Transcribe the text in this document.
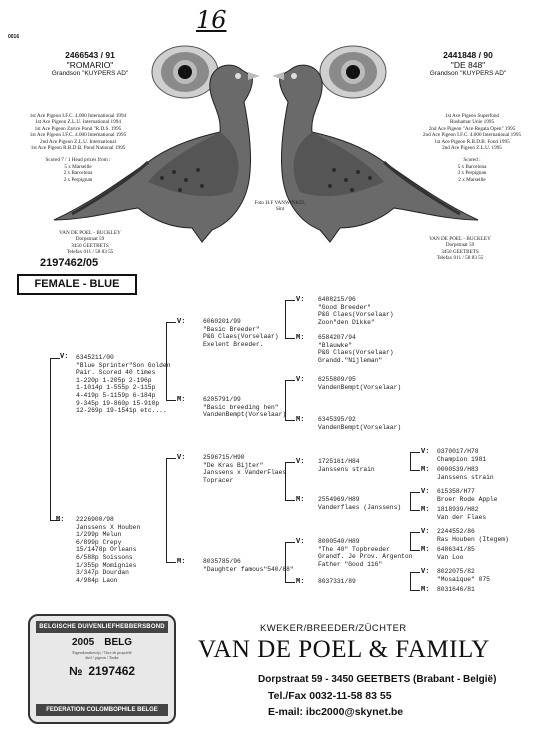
16
0016
2466543 / 91
"ROMARIO"
Grandson "KUYPERS AD"
2441848 / 90
"DE 848"
Grandson "KUYPERS AD"
1st Ace Pigeon I.F.C. 4.000 International 1994
1st Ace Pigeon Z.L.U. International 1994
1st Ace Pigeon Zarice Pond "R.D.S. 1995
1st Ace Pigeon I.F.C. 4.000 International 1995
2nd Ace Pigeon Z.L.U. International
1st Ace Pigeon R.B.D.B. Pond National 1995
Scored 7 / 1 Head prices from :
5 x Marseille
2 x Barcelona
2 x Perpignan
1st Ace Pigeon Superfond
Rushamar Unie 1995
2nd Ace Pigeon "Ace Regata Open" 1995
2nd Ace Pigeon I.F.C. 4.000 International 1995
1st Ace Pigeon R.B.D.B. Fond 1995
2nd Ace Pigeon Z.L.U. 1995
Scored :
5 x Barcelona
3 x Perpignan
2 x Marseille
Foto H.F VANWINKEL
Sint
VAN DE POEL - BUCKLEY
Dorpstraat 59
3450 GEETBETS
Telefax 011 / 58 83 55
VAN DE POEL - BUCKLEY
Dorpstraat 59
3450 GEETBETS
Telefax 011 / 58 83 55
2197462/05
FEMALE - BLUE
V:
M:
V:
M:
V:
M:
V:
M:
V:
M:
V:
M:
V:
M:
V:
M:
V:
M:
V:
M:
V:
M:
6345211/00
"Blue Sprinter"Son Golden
Pair. Scored 40 times
1-220p 1-205p 2-196p
1-1014p 1-555p 2-115p
4-419p 5-1159p 6-184p
9-345p 19-860p 15-910p
12-269p 19-1541p etc....
2226900/98
Janssens X Houben
1/299p Melun
6/899p Crepy
15/1478p Orleans
6/588p Soissons
1/355p Momignies
3/347p Dourdan
4/984p Laon
6060201/99
"Basic Breeder"
P&G Claes(Vorselaar)
Exelent Breeder.
6205791/99
"Basic breeding hen"
VandenBempt(Vorselaar)
2596715/H90
"De Kras Bijter"
Janssens x VanderFlaes
Topracer
8035785/96
"Daughter famous"540/88"
6488215/96
"Good Breeder"
P&G Claes(Vorselaar)
Zoon"den Dikke"
6584207/94
"Blauwke"
P&G Claes(Vorselaar)
Grandd."Nijleman"
6255809/95
VandenBempt(Vorselaar)
6345395/92
VandenBempt(Vorselaar)
1725161/H84
Janssens strain
2554969/H89
Vanderflaes (Janssens)
8000540/H89
"The 40" Topbreeder
Grandf. Je Prov. Argenton
Father "Good 116"
8037331/89
0370017/H78
Champion 1981
0000539/H83
Janssens strain
615358/H77
Broer Rode Apple
1818939/H82
Van der Flaes
2244552/86
Ras Houben (Itegem)
6486341/85
Van Loo
8022075/82
"Mosaique" 075
8031646/81
BELGISCHE DUIVENLIEFHEBBERSBOND
2005 BELG
Eigendomsbewijs / Titre de propriété
duif / pigeon / Taube
№ 2197462
FEDERATION COLOMBOPHILE BELGE
KWEKER/BREEDER/ZÜCHTER
VAN DE POEL & FAMILY
Dorpstraat 59 - 3450 GEETBETS (Brabant - België)
Tel./Fax 0032-11-58 83 55
E-mail: ibc2000@skynet.be
